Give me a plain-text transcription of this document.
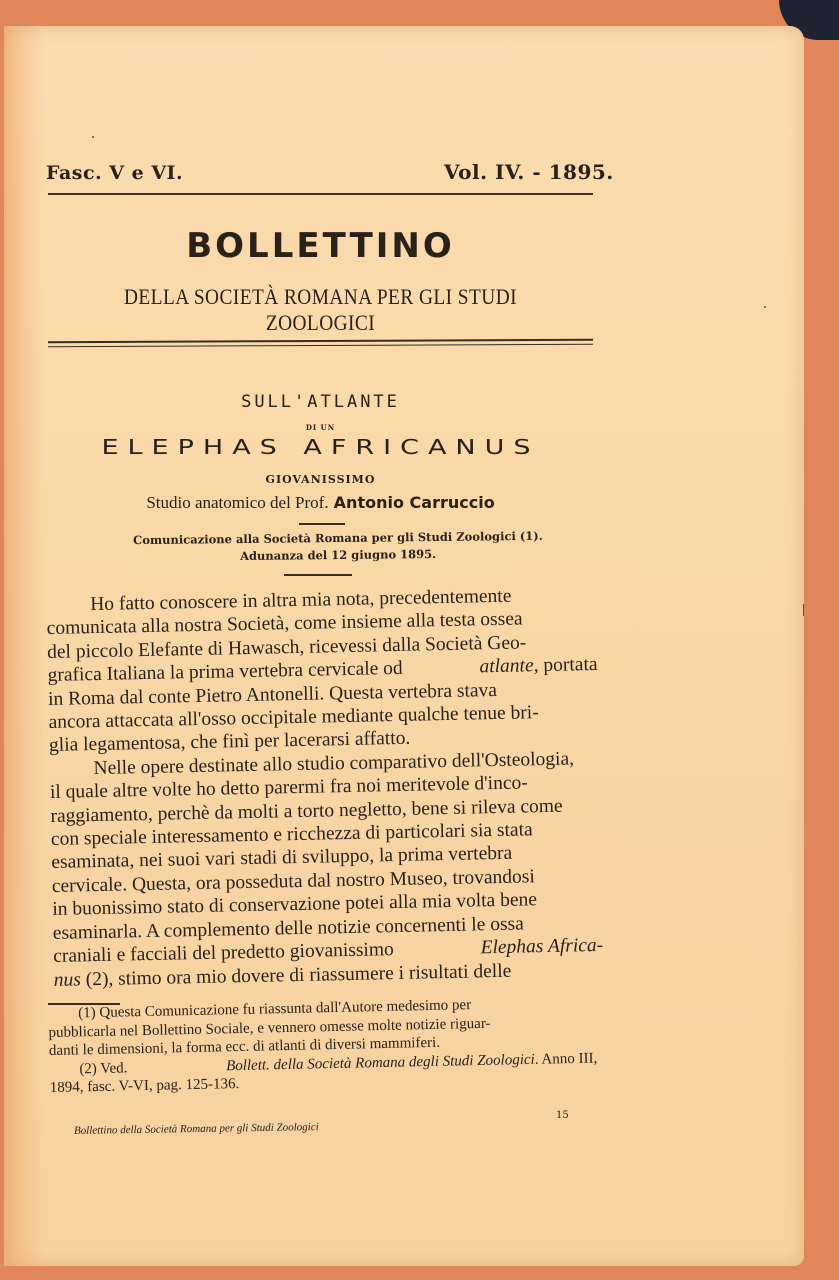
Fasc. V e VI.	Vol. IV. - 1895.
BOLLETTINO
DELLA SOCIETÀ ROMANA PER GLI STUDI ZOOLOGICI
SULL'ATLANTE
DI UN
ELEPHAS AFRICANUS
GIOVANISSIMO
Studio anatomico del Prof. Antonio Carruccio
Comunicazione alla Società Romana per gli Studi Zoologici (1).
Adunanza del 12 giugno 1895.
Ho fatto conoscere in altra mia nota, precedentemente
comunicata alla nostra Società, come insieme alla testa ossea
del piccolo Elefante di Hawasch, ricevessi dalla Società Geo-
grafica Italiana la prima vertebra cervicale od	atlante, portata
in Roma dal conte Pietro Antonelli. Questa vertebra stava
ancora attaccata all'osso occipitale mediante qualche tenue bri-
glia legamentosa, che finì per lacerarsi affatto.
Nelle opere destinate allo studio comparativo dell'Osteologia,
il quale altre volte ho detto parermi fra noi meritevole d'inco-
raggiamento, perchè da molti a torto negletto, bene si rileva come
con speciale interessamento e ricchezza di particolari sia stata
esaminata, nei suoi vari stadi di sviluppo, la prima vertebra
cervicale. Questa, ora posseduta dal nostro Museo, trovandosi
in buonissimo stato di conservazione potei alla mia volta bene
esaminarla. A complemento delle notizie concernenti le ossa
craniali e facciali del predetto giovanissimo	Elephas Africa-
nus (2), stimo ora mio dovere di riassumere i risultati delle
(1) Questa Comunicazione fu riassunta dall'Autore medesimo per
pubblicarla nel Bollettino Sociale, e vennero omesse molte notizie riguar-
danti le dimensioni, la forma ecc. di atlanti di diversi mammiferi.
(2) Ved.	Bollett. della Società Romana degli Studi Zoologici. Anno III,
1894, fasc. V-VI, pag. 125-136.
15
Bollettino della Società Romana per gli Studi Zoologici
